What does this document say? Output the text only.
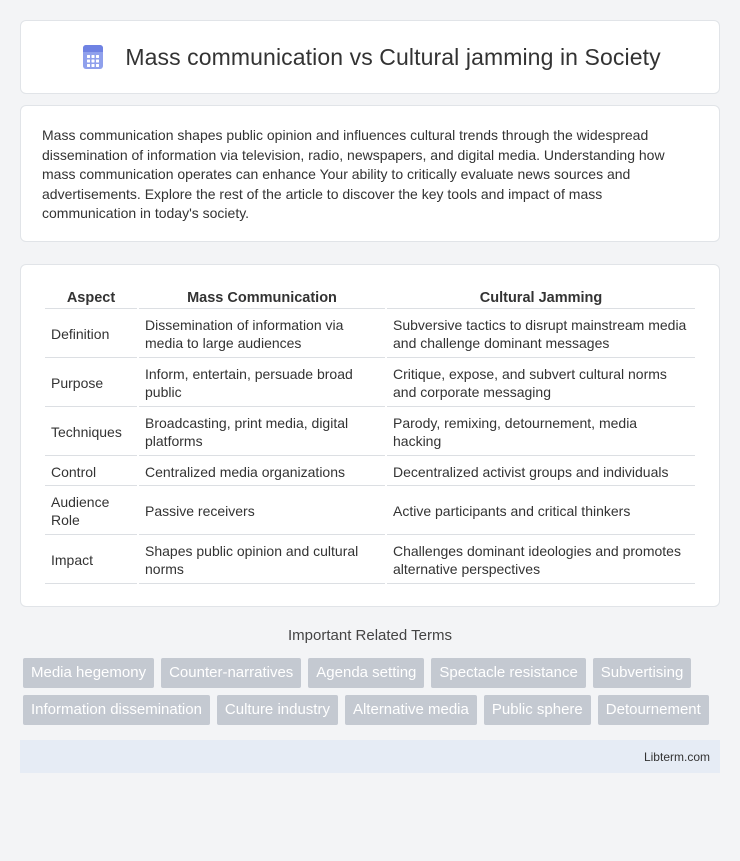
Mass communication vs Cultural jamming in Society

Mass communication shapes public opinion and influences cultural trends through the widespread dissemination of information via television, radio, newspapers, and digital media. Understanding how mass communication operates can enhance Your ability to critically evaluate news sources and advertisements. Explore the rest of the article to discover the key tools and impact of mass communication in today's society.

Aspect	Mass Communication	Cultural Jamming
Definition	Dissemination of information via media to large audiences	Subversive tactics to disrupt mainstream media and challenge dominant messages
Purpose	Inform, entertain, persuade broad public	Critique, expose, and subvert cultural norms and corporate messaging
Techniques	Broadcasting, print media, digital platforms	Parody, remixing, detournement, media hacking
Control	Centralized media organizations	Decentralized activist groups and individuals
Audience Role	Passive receivers	Active participants and critical thinkers
Impact	Shapes public opinion and cultural norms	Challenges dominant ideologies and promotes alternative perspectives
Important Related Terms
Media hegemony	Counter-narratives	Agenda setting	Spectacle resistance	Subvertising
Information dissemination	Culture industry	Alternative media	Public sphere	Detournement
Libterm.com
